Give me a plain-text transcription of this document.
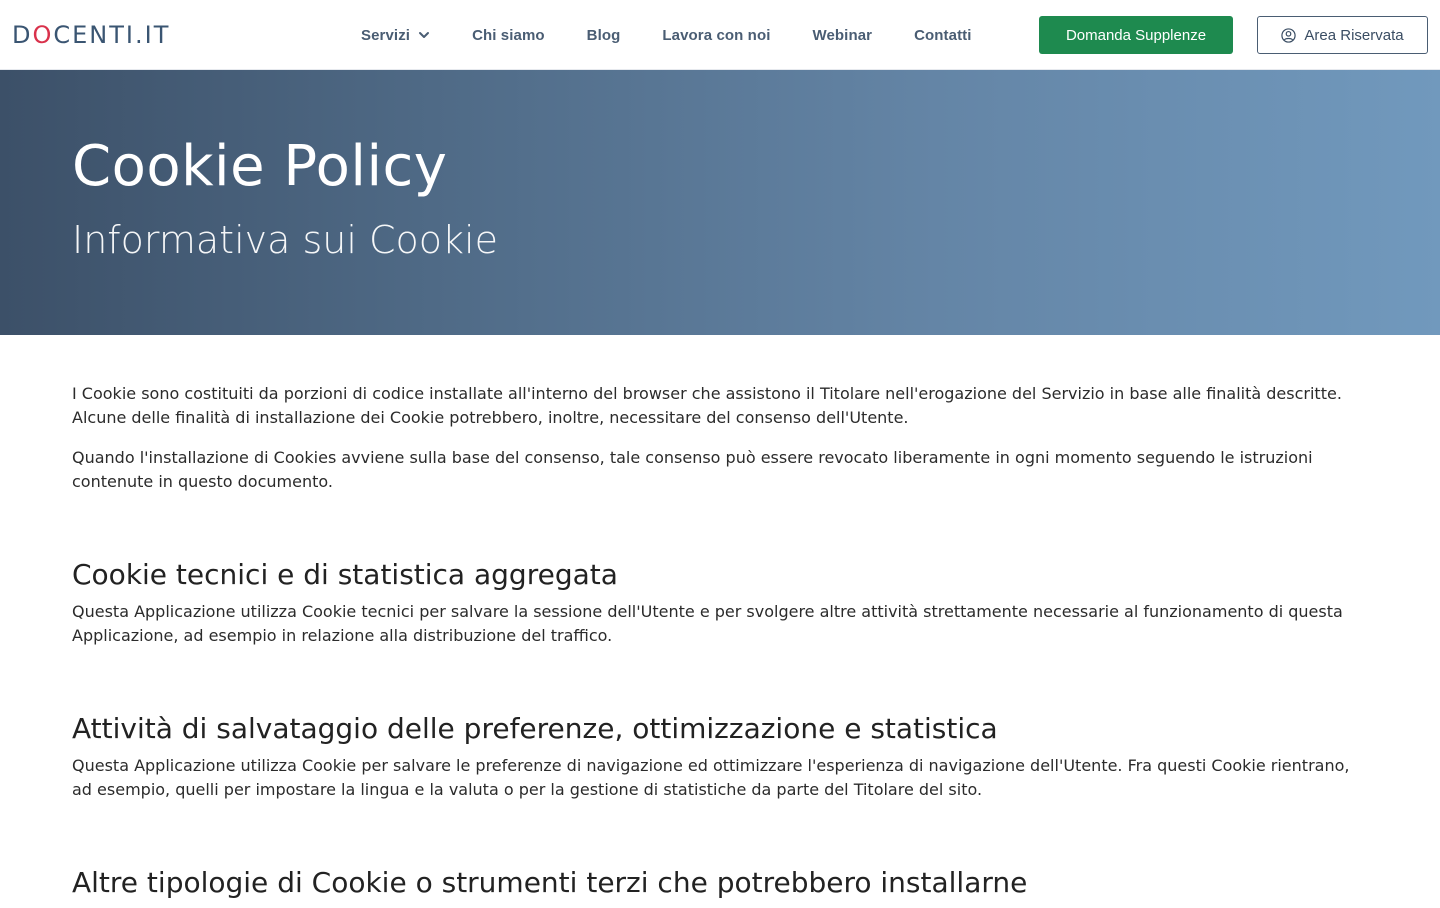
D O CENTI.IT	Servizi	Chi siamo	Blog	Lavora con noi	Webinar	Contatti	Domanda Supplenze	Area Riservata
Cookie Policy
Informativa sui Cookie

I Cookie sono costituiti da porzioni di codice installate all'interno del browser che assistono il Titolare nell'erogazione del Servizio in base alle finalità descritte. Alcune delle finalità di installazione dei Cookie potrebbero, inoltre, necessitare del consenso dell'Utente.

Quando l'installazione di Cookies avviene sulla base del consenso, tale consenso può essere revocato liberamente in ogni momento seguendo le istruzioni contenute in questo documento.

Cookie tecnici e di statistica aggregata

Questa Applicazione utilizza Cookie tecnici per salvare la sessione dell'Utente e per svolgere altre attività strettamente necessarie al funzionamento di questa Applicazione, ad esempio in relazione alla distribuzione del traffico.

Attività di salvataggio delle preferenze, ottimizzazione e statistica

Questa Applicazione utilizza Cookie per salvare le preferenze di navigazione ed ottimizzare l'esperienza di navigazione dell'Utente. Fra questi Cookie rientrano, ad esempio, quelli per impostare la lingua e la valuta o per la gestione di statistiche da parte del Titolare del sito.

Altre tipologie di Cookie o strumenti terzi che potrebbero installarne
